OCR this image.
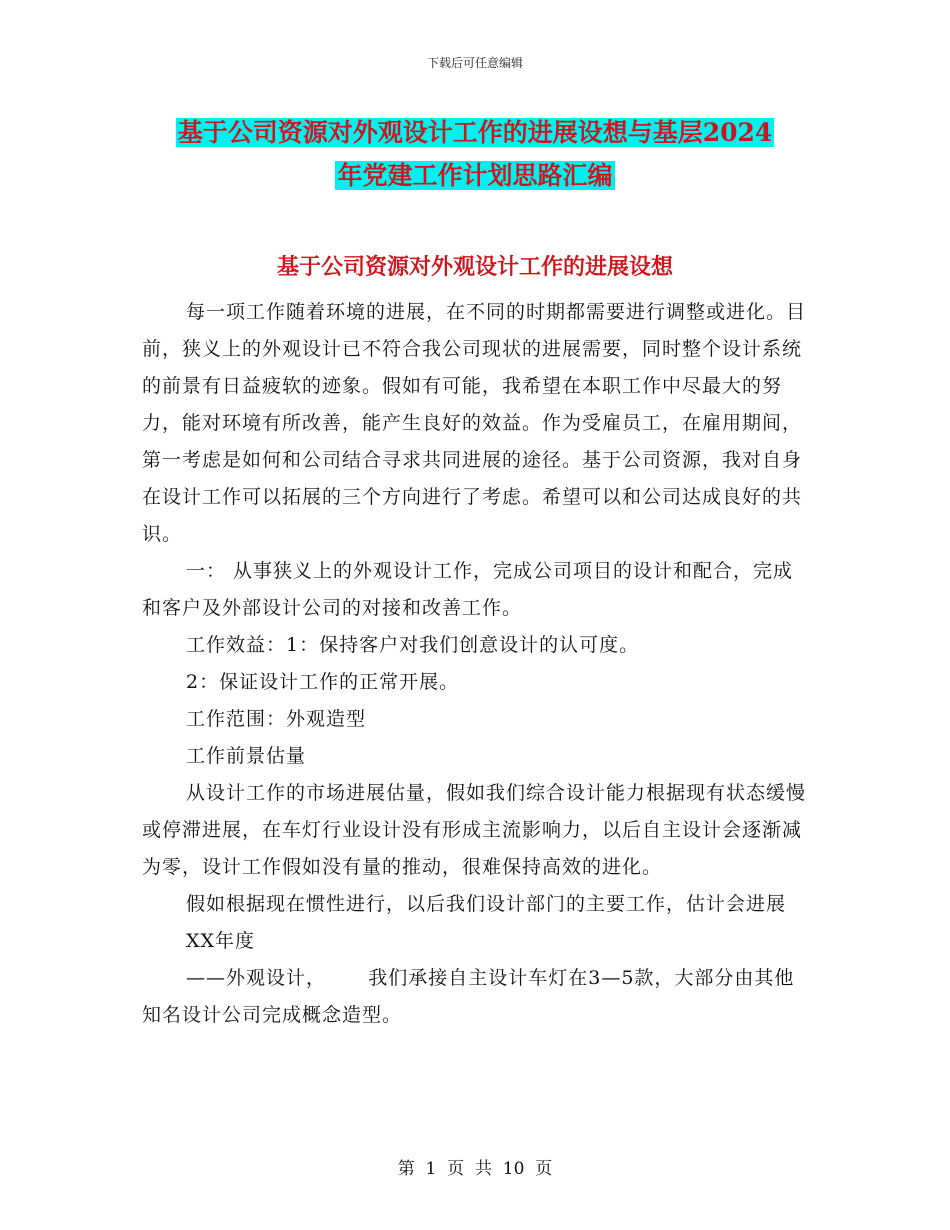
下载后可任意编辑
基于公司资源对外观设计工作的进展设想与基层2024
年党建工作计划思路汇编
基于公司资源对外观设计工作的进展设想

每一项工作随着环境的进展，在不同的时期都需要进行调整或进化。目前，狭义上的外观设计已不符合我公司现状的进展需要，同时整个设计系统的前景有日益疲软的迹象。假如有可能，我希望在本职工作中尽最大的努力，能对环境有所改善，能产生良好的效益。作为受雇员工，在雇用期间，第一考虑是如何和公司结合寻求共同进展的途径。基于公司资源，我对自身在设计工作可以拓展的三个方向进行了考虑。希望可以和公司达成良好的共识。

一： 从事狭义上的外观设计工作，完成公司项目的设计和配合，完成和客户及外部设计公司的对接和改善工作。

工作效益：1：保持客户对我们创意设计的认可度。

2：保证设计工作的正常开展。

工作范围：外观造型

工作前景估量

从设计工作的市场进展估量，假如我们综合设计能力根据现有状态缓慢或停滞进展，在车灯行业设计没有形成主流影响力，以后自主设计会逐渐减为零，设计工作假如没有量的推动，很难保持高效的进化。

假如根据现在惯性进行，以后我们设计部门的主要工作，估计会进展

XX年度

——外观设计，      我们承接自主设计车灯在3—5款，大部分由其他知名设计公司完成概念造型。

第  1  页  共  10  页
